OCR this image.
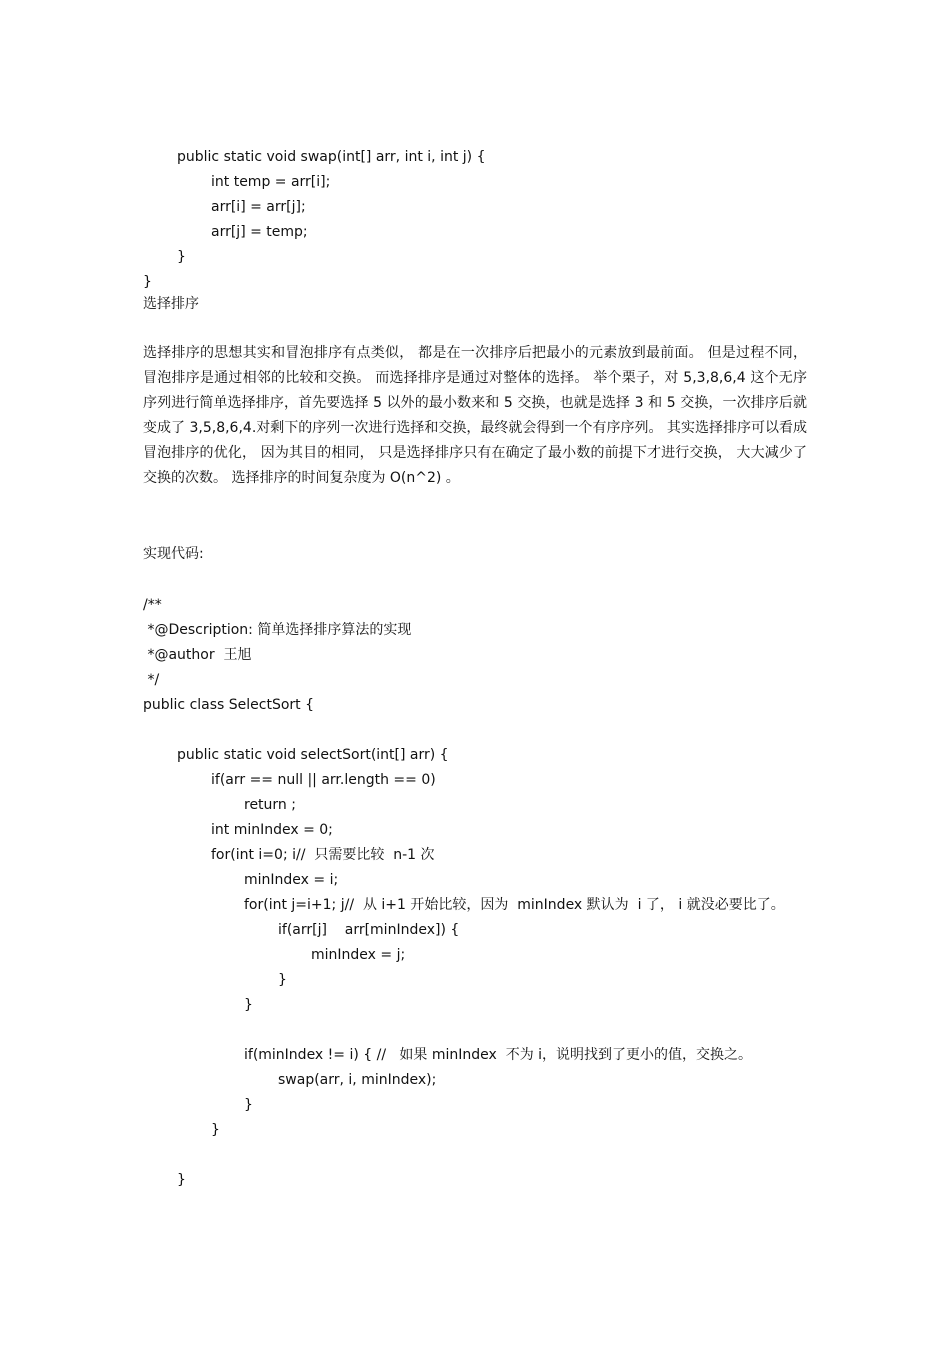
public static void swap(int[] arr, int i, int j) {
int temp = arr[i];
arr[i] = arr[j];
arr[j] = temp;
}
}
选择排序
选择排序的思想其实和冒泡排序有点类似， 都是在一次排序后把最小的元素放到最前面。 但是过程不同， 冒泡排序是通过相邻的比较和交换。 而选择排序是通过对整体的选择。 举个栗子，对 5,3,8,6,4 这个无序序列进行简单选择排序，首先要选择 5 以外的最小数来和 5 交换，也就是选择 3 和 5 交换，一次排序后就变成了 3,5,8,6,4.对剩下的序列一次进行选择和交换，最终就会得到一个有序序列。 其实选择排序可以看成冒泡排序的优化， 因为其目的相同， 只是选择排序只有在确定了最小数的前提下才进行交换， 大大减少了交换的次数。 选择排序的时间复杂度为 O(n^2) 。
实现代码:
/**
*@Description: 简单选择排序算法的实现
*@author  王旭
*/
public class SelectSort {
public static void selectSort(int[] arr) {
if(arr == null || arr.length == 0)
return ;
int minIndex = 0;
for(int i=0; i//  只需要比较  n-1 次
minIndex = i;
for(int j=i+1; j//  从 i+1 开始比较，因为  minIndex 默认为  i 了， i 就没必要比了。
if(arr[j]    arr[minIndex]) {
minIndex = j;
}
}
if(minIndex != i) { //   如果 minIndex  不为 i，说明找到了更小的值，交换之。
swap(arr, i, minIndex);
}
}
}
